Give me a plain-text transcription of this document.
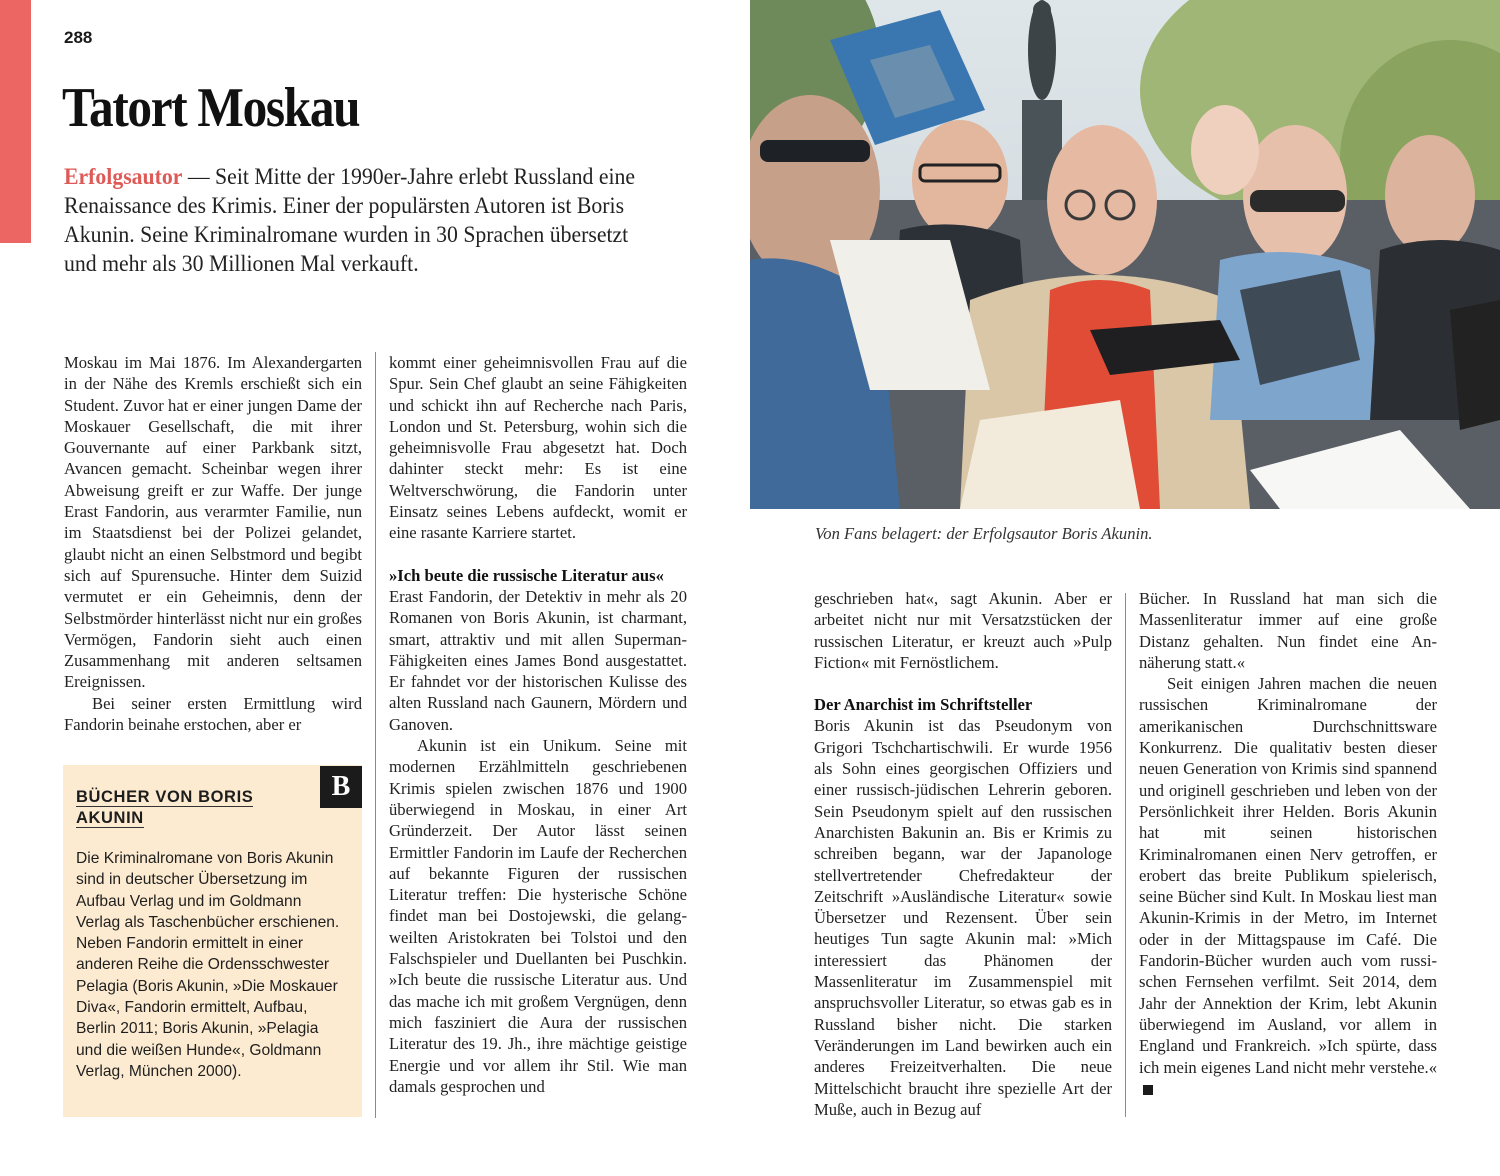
288
Tatort Moskau
Erfolgsautor — Seit Mitte der 1990er-Jahre erlebt Russland eine Renaissance des Krimis. Einer der populärsten Autoren ist Boris Akunin. Seine Kriminalromane wurden in 30 Sprachen übersetzt und mehr als 30 Millionen Mal verkauft.
Von Fans belagert: der Erfolgsautor Boris Akunin.

Moskau im Mai 1876. Im Alexandergarten in der Nähe des Kremls erschießt sich ein Student. Zuvor hat er einer jungen Dame der Moskauer Gesellschaft, die mit ihrer Gouvernante auf einer Parkbank sitzt, Avancen gemacht. Scheinbar wegen ihrer Abweisung greift er zur Waffe. Der junge Erast Fandorin, aus verarmter Familie, nun im Staatsdienst bei der Polizei gelandet, glaubt nicht an einen Selbstmord und begibt sich auf Spurensuche. Hinter dem Suizid vermutet er ein Geheimnis, denn der Selbstmörder hinterlässt nicht nur ein großes Vermögen, Fandorin sieht auch einen Zusammenhang mit anderen seltsamen Ereignissen.

Bei seiner ersten Ermittlung wird Fandorin beinahe erstochen, aber er

B
BÜCHER VON BORIS AKUNIN
Die Kriminalromane von Boris Akunin sind in deutscher Übersetzung im Aufbau Verlag und im Goldmann Verlag als Taschenbücher erschienen. Neben Fandorin ermittelt in einer anderen Reihe die Ordensschwester Pelagia (Boris Akunin, »Die Moskauer Diva«, Fandorin ermittelt, Aufbau, Berlin 2011; Boris Akunin, »Pelagia und die weißen Hunde«, Goldmann Verlag, München 2000).

kommt einer geheimnisvollen Frau auf die Spur. Sein Chef glaubt an seine Fähigkeiten und schickt ihn auf Recherche nach Paris, London und St. Petersburg, wohin sich die geheimnisvolle Frau abgesetzt hat. Doch dahinter steckt mehr: Es ist eine Weltverschwörung, die Fandorin unter Einsatz seines Lebens aufdeckt, womit er eine rasante Karriere startet.

»Ich beute die russische Literatur aus«

Erast Fandorin, der Detektiv in mehr als 20 Romanen von Boris Akunin, ist charmant, smart, attraktiv und mit allen Superman-Fähigkeiten eines James Bond ausgestattet. Er fahndet vor der historischen Kulisse des alten Russland nach Gaunern, Mördern und Ganoven.

Akunin ist ein Unikum. Seine mit modernen Erzählmitteln geschriebenen Krimis spielen zwischen 1876 und 1900 überwiegend in Moskau, in einer Art Gründerzeit. Der Autor lässt seinen Ermittler Fandorin im Laufe der Recherchen auf bekannte Figuren der russischen Literatur treffen: Die hysterische Schöne findet man bei Dostojewski, die gelangweilten Aristokraten bei Tolstoi und den Falschspieler und Duellanten bei Puschkin. »Ich beute die russische Literatur aus. Und das mache ich mit großem Vergnügen, denn mich fasziniert die Aura der russischen Literatur des 19. Jh., ihre mächtige geistige Energie und vor allem ihr Stil. Wie man damals gesprochen und

geschrieben hat«, sagt Akunin. Aber er arbeitet nicht nur mit Versatzstücken der russischen Literatur, er kreuzt auch »Pulp Fiction« mit Fernöstlichem.

Der Anarchist im Schriftsteller

Boris Akunin ist das Pseudonym von Grigori Tschchartischwili. Er wurde 1956 als Sohn eines georgischen Offiziers und einer russisch-jüdischen Lehrerin geboren. Sein Pseudonym spielt auf den russischen Anarchisten Bakunin an. Bis er Krimis zu schreiben begann, war der Japanologe stellvertretender Chefredakteur der Zeitschrift »Ausländische Literatur« sowie Übersetzer und Rezensent. Über sein heutiges Tun sagte Akunin mal: »Mich interessiert das Phänomen der Massenliteratur im Zusammenspiel mit anspruchsvoller Literatur, so etwas gab es in Russland bisher nicht. Die starken Veränderungen im Land bewirken auch ein anderes Freizeitverhalten. Die neue Mittelschicht braucht ihre spezielle Art der Muße, auch in Bezug auf

Bücher. In Russland hat man sich die Massenliteratur immer auf eine große Distanz gehalten. Nun findet eine Annäherung statt.«

Seit einigen Jahren machen die neuen russischen Kriminalromane der amerikanischen Durchschnittsware Konkurrenz. Die qualitativ besten dieser neuen Generation von Krimis sind spannend und originell geschrieben und leben von der Persönlichkeit ihrer Helden. Boris Akunin hat mit seinen historischen Kriminalromanen einen Nerv getroffen, er erobert das breite Publikum spielerisch, seine Bücher sind Kult. In Moskau liest man Akunin-Krimis in der Metro, im Internet oder in der Mittagspause im Café. Die Fandorin-Bücher wurden auch vom russischen Fernsehen verfilmt. Seit 2014, dem Jahr der Annektion der Krim, lebt Akunin überwiegend im Ausland, vor allem in England und Frankreich. »Ich spürte, dass ich mein eigenes Land nicht mehr verstehe.«
